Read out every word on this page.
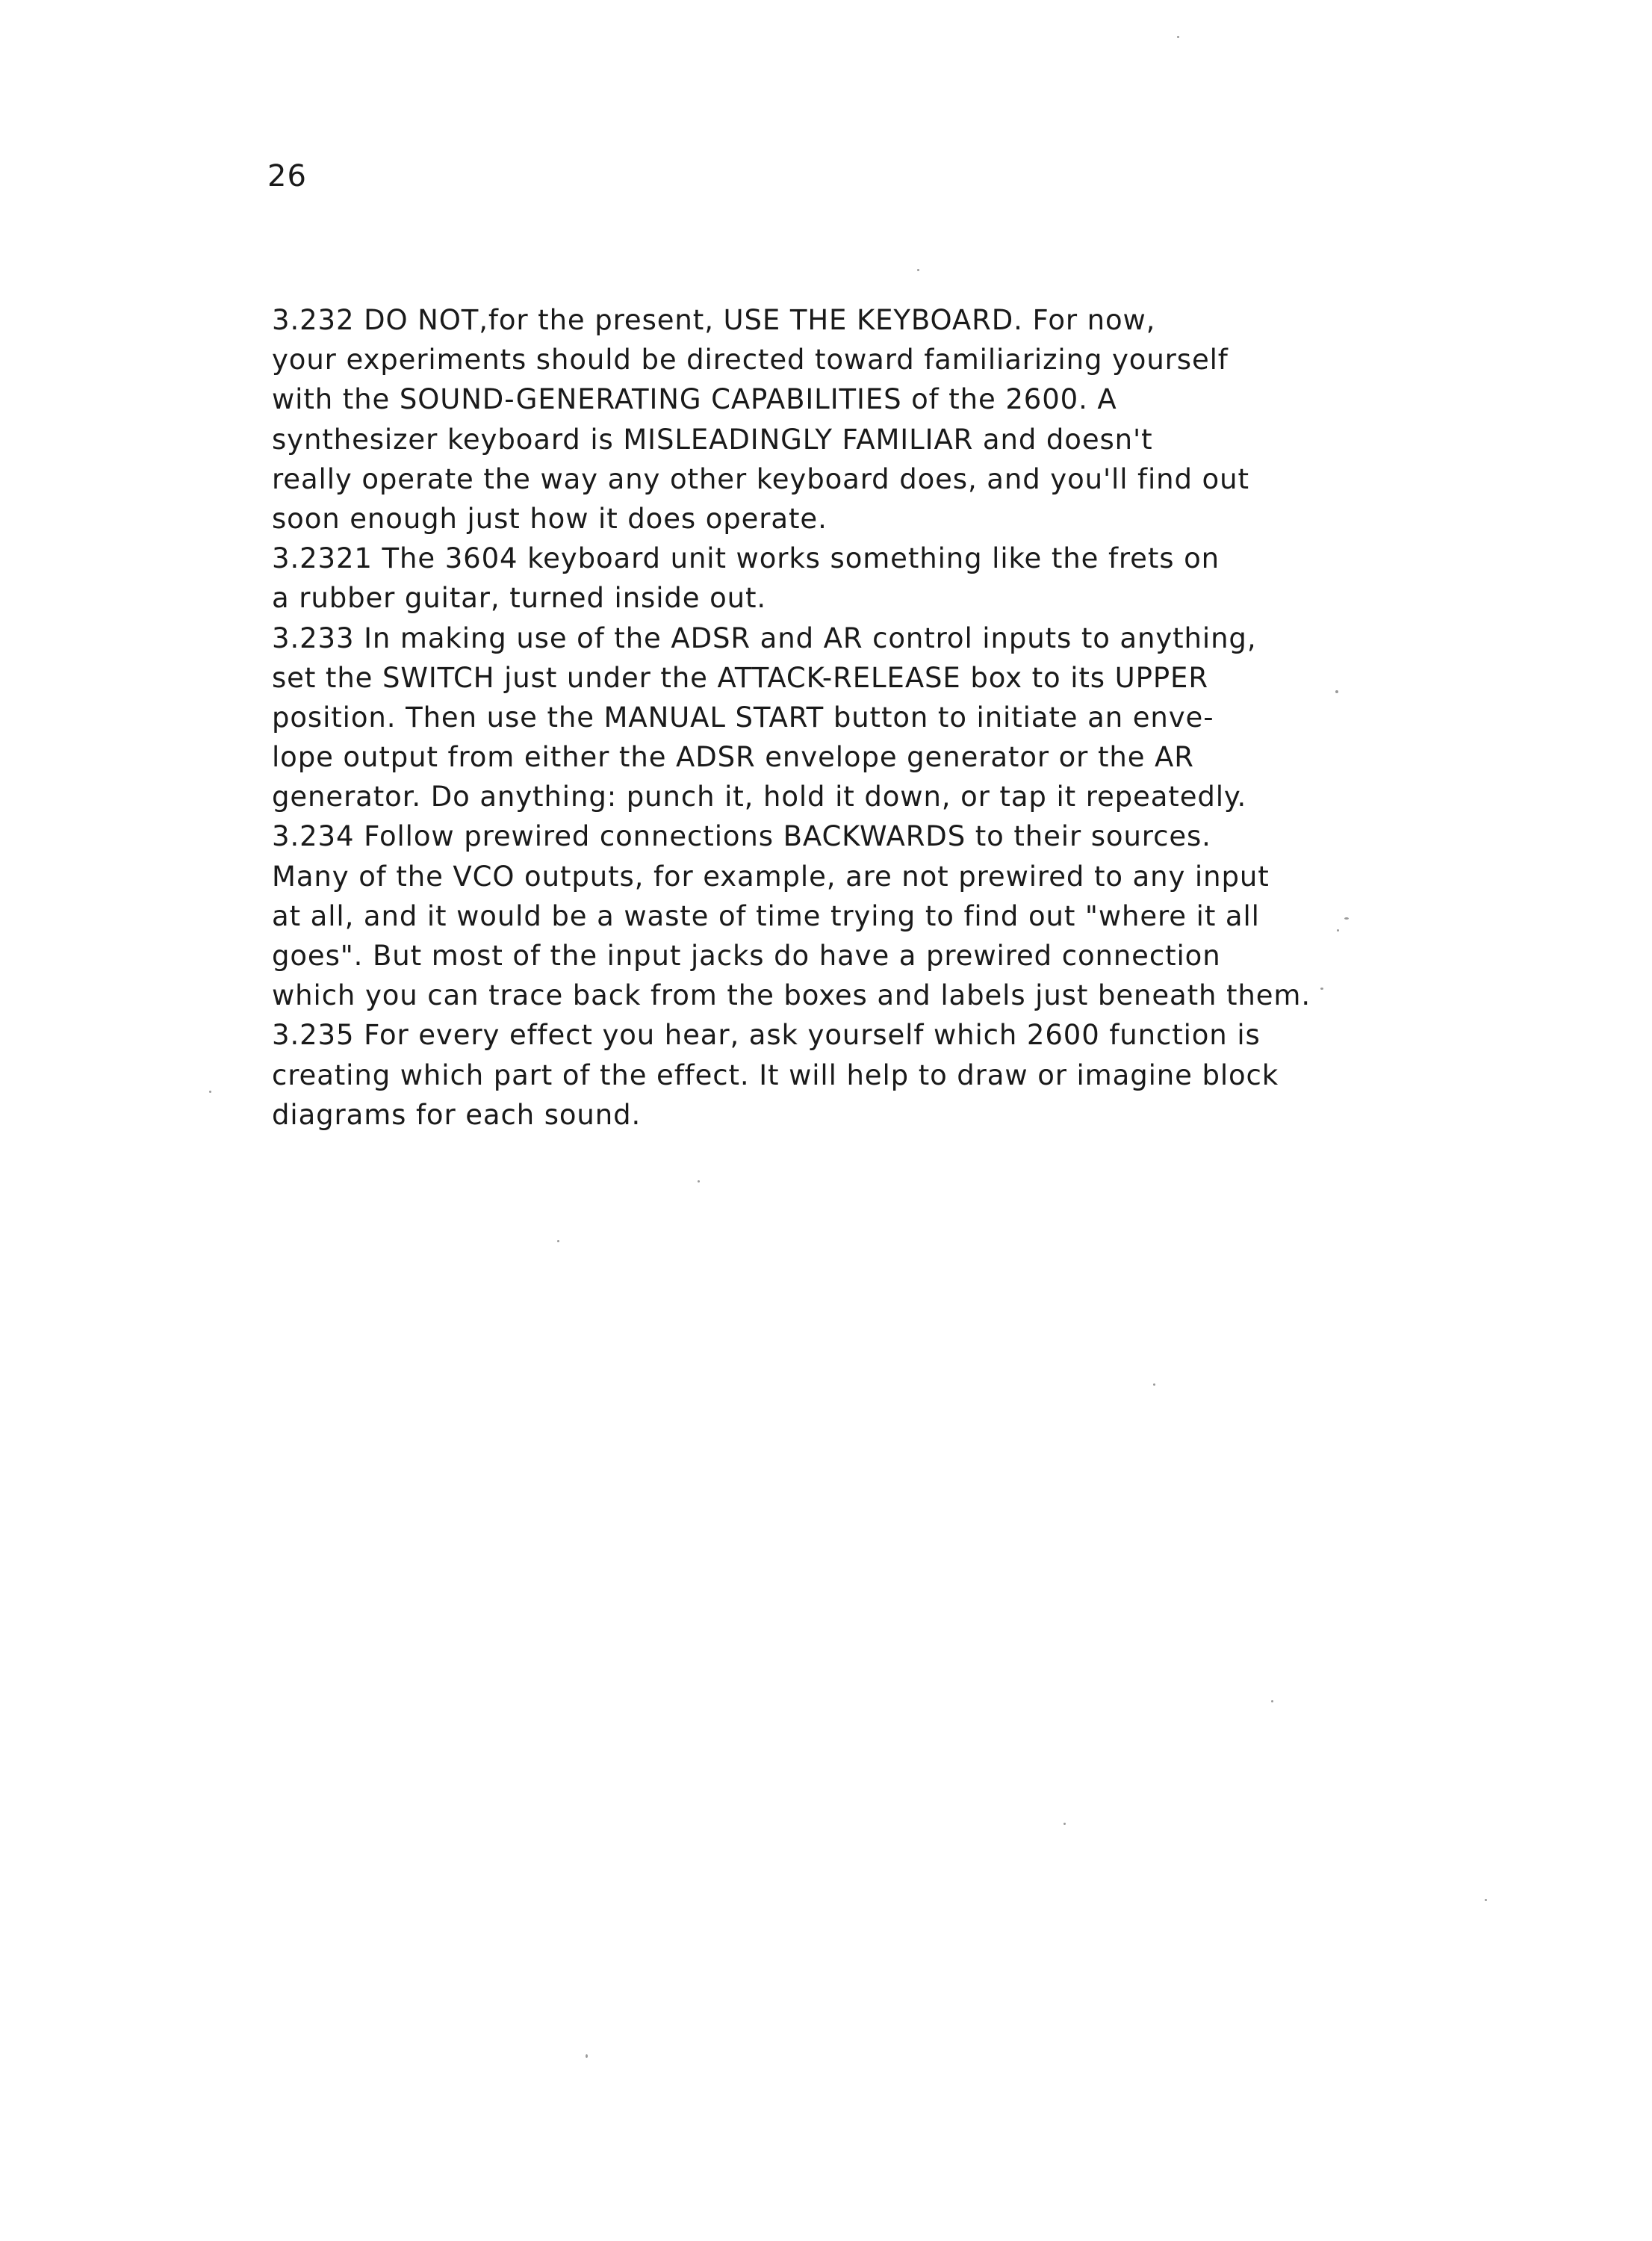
26
3.232 DO NOT,for the present, USE THE KEYBOARD. For now,
your experiments should be directed toward familiarizing yourself
with the SOUND-GENERATING CAPABILITIES of the 2600. A
synthesizer keyboard is MISLEADINGLY FAMILIAR and doesn't
really operate the way any other keyboard does, and you'll find out
soon enough just how it does operate.
3.2321 The 3604 keyboard unit works something like the frets on
a rubber guitar, turned inside out.
3.233 In making use of the ADSR and AR control inputs to anything,
set the SWITCH just under the ATTACK-RELEASE box to its UPPER
position. Then use the MANUAL START button to initiate an enve-
lope output from either the ADSR envelope generator or the AR
generator. Do anything: punch it, hold it down, or tap it repeatedly.
3.234 Follow prewired connections BACKWARDS to their sources.
Many of the VCO outputs, for example, are not prewired to any input
at all, and it would be a waste of time trying to find out "where it all
goes". But most of the input jacks do have a prewired connection
which you can trace back from the boxes and labels just beneath them.
3.235 For every effect you hear, ask yourself which 2600 function is
creating which part of the effect. It will help to draw or imagine block
diagrams for each sound.
